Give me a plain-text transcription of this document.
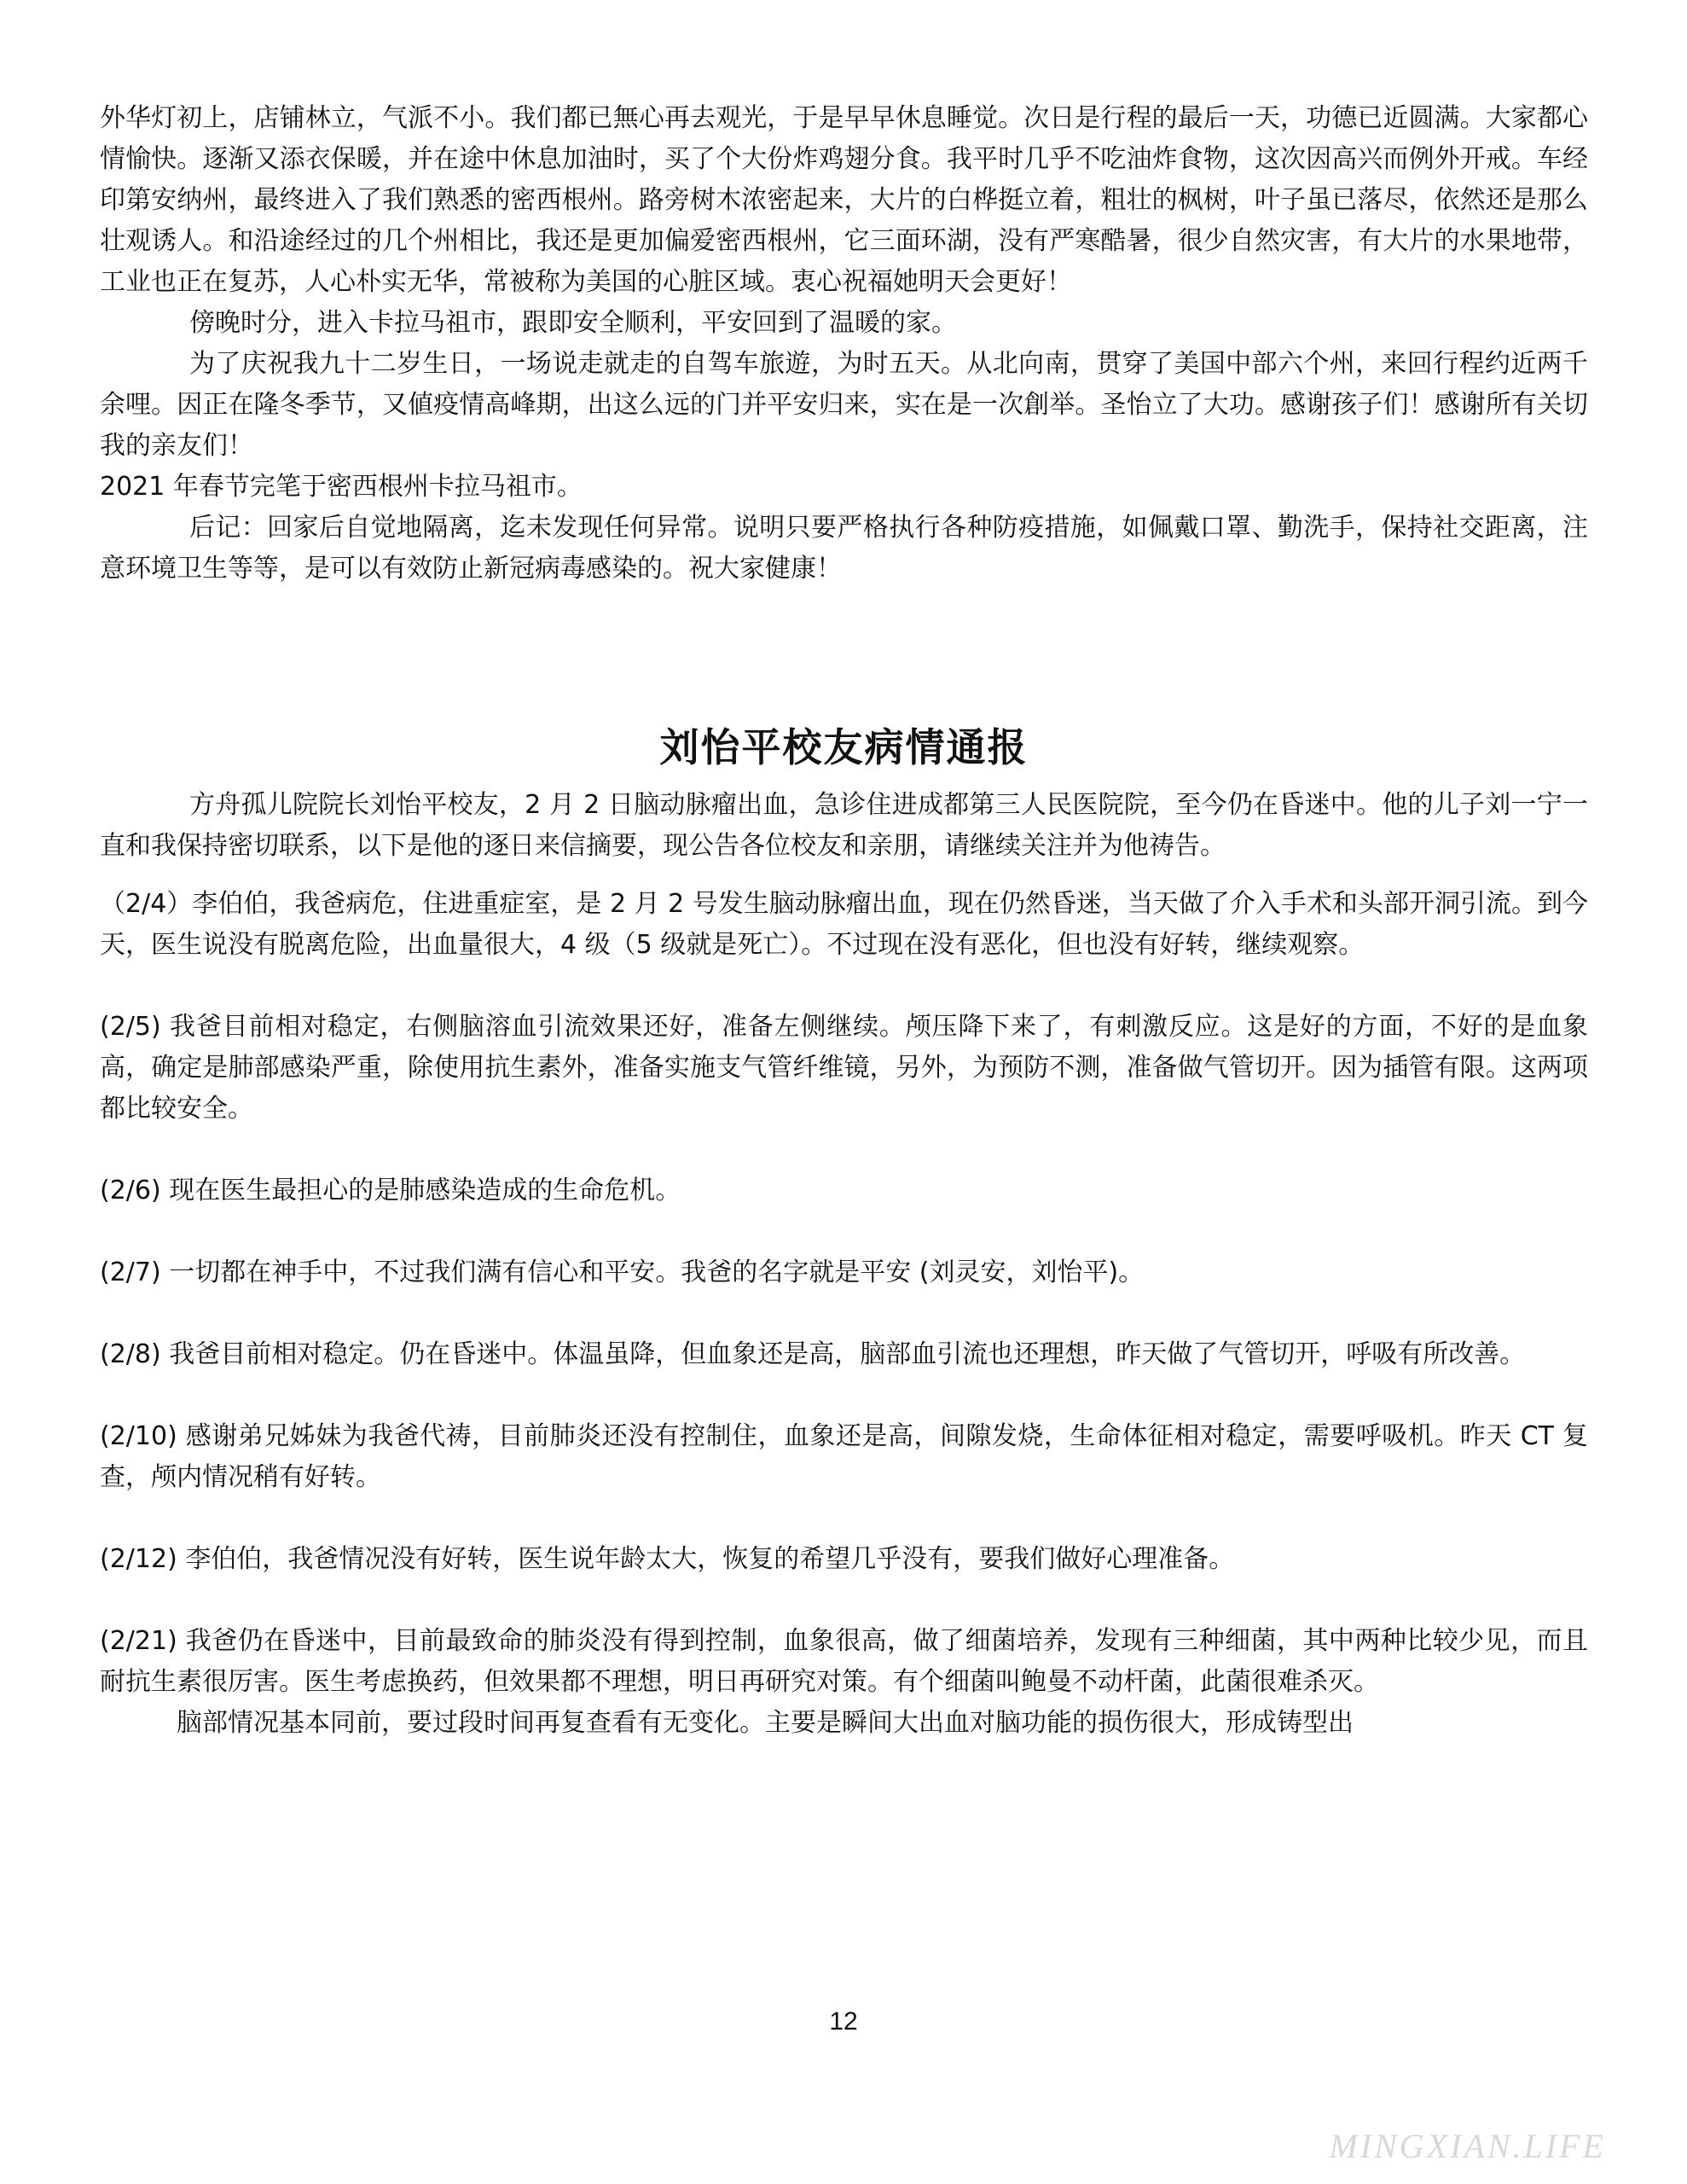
外华灯初上，店铺林立，气派不小。我们都已無心再去观光，于是早早休息睡觉。次日是行程的最后一天，功德已近圆满。大家都心情愉快。逐渐又添衣保暖，并在途中休息加油时，买了个大份炸鸡翅分食。我平时几乎不吃油炸食物，这次因高兴而例外开戒。车经印第安纳州，最终进入了我们熟悉的密西根州。路旁树木浓密起来，大片的白桦挺立着，粗壮的枫树，叶子虽已落尽，依然还是那么壮观诱人。和沿途经过的几个州相比，我还是更加偏爱密西根州，它三面环湖，没有严寒酷暑，很少自然灾害，有大片的水果地带，工业也正在复苏，人心朴实无华，常被称为美国的心脏区域。衷心祝福她明天会更好！

傍晚时分，进入卡拉马祖市，跟即安全顺利，平安回到了温暖的家。

为了庆祝我九十二岁生日，一场说走就走的自驾车旅遊，为时五天。从北向南，贯穿了美国中部六个州，来回行程约近两千余哩。因正在隆冬季节，又値疫情高峰期，出这么远的门并平安归来，实在是一次創举。圣怡立了大功。感谢孩子们！感谢所有关切我的亲友们！

2021 年春节完笔于密西根州卡拉马祖市。

后记：回家后自觉地隔离，迄未发现任何异常。说明只要严格执行各种防疫措施，如佩戴口罩、勤洗手，保持社交距离，注意环境卫生等等，是可以有效防止新冠病毒感染的。祝大家健康！

刘怡平校友病情通报

方舟孤儿院院长刘怡平校友，2 月 2 日脑动脉瘤出血，急诊住进成都第三人民医院院，至今仍在昏迷中。他的儿子刘一宁一直和我保持密切联系，以下是他的逐日来信摘要，现公告各位校友和亲朋，请继续关注并为他祷告。

（2/4）李伯伯，我爸病危，住进重症室，是 2 月 2 号发生脑动脉瘤出血，现在仍然昏迷，当天做了介入手术和头部开洞引流。到今天，医生说没有脱离危险，出血量很大，4 级（5 级就是死亡）。不过现在没有恶化，但也没有好转，继续观察。

(2/5) 我爸目前相对稳定，右侧脑溶血引流效果还好，准备左侧继续。颅压降下来了，有刺激反应。这是好的方面，不好的是血象高，确定是肺部感染严重，除使用抗生素外，准备实施支气管纤维镜，另外，为预防不测，准备做气管切开。因为插管有限。这两项都比较安全。

(2/6) 现在医生最担心的是肺感染造成的生命危机。

(2/7) 一切都在神手中，不过我们满有信心和平安。我爸的名字就是平安 (刘灵安，刘怡平)。

(2/8) 我爸目前相对稳定。仍在昏迷中。体温虽降，但血象还是高，脑部血引流也还理想，昨天做了气管切开，呼吸有所改善。

(2/10) 感谢弟兄姊妹为我爸代祷，目前肺炎还没有控制住，血象还是高，间隙发烧，生命体征相对稳定，需要呼吸机。昨天 CT 复查，颅内情况稍有好转。

(2/12) 李伯伯，我爸情况没有好转，医生说年龄太大，恢复的希望几乎没有，要我们做好心理准备。

(2/21) 我爸仍在昏迷中，目前最致命的肺炎没有得到控制，血象很高，做了细菌培养，发现有三种细菌，其中两种比较少见，而且耐抗生素很厉害。医生考虑换药，但效果都不理想，明日再研究对策。有个细菌叫鲍曼不动杆菌，此菌很难杀灭。

脑部情况基本同前，要过段时间再复查看有无变化。主要是瞬间大出血对脑功能的损伤很大，形成铸型出

12
MINGXIAN.LIFE
